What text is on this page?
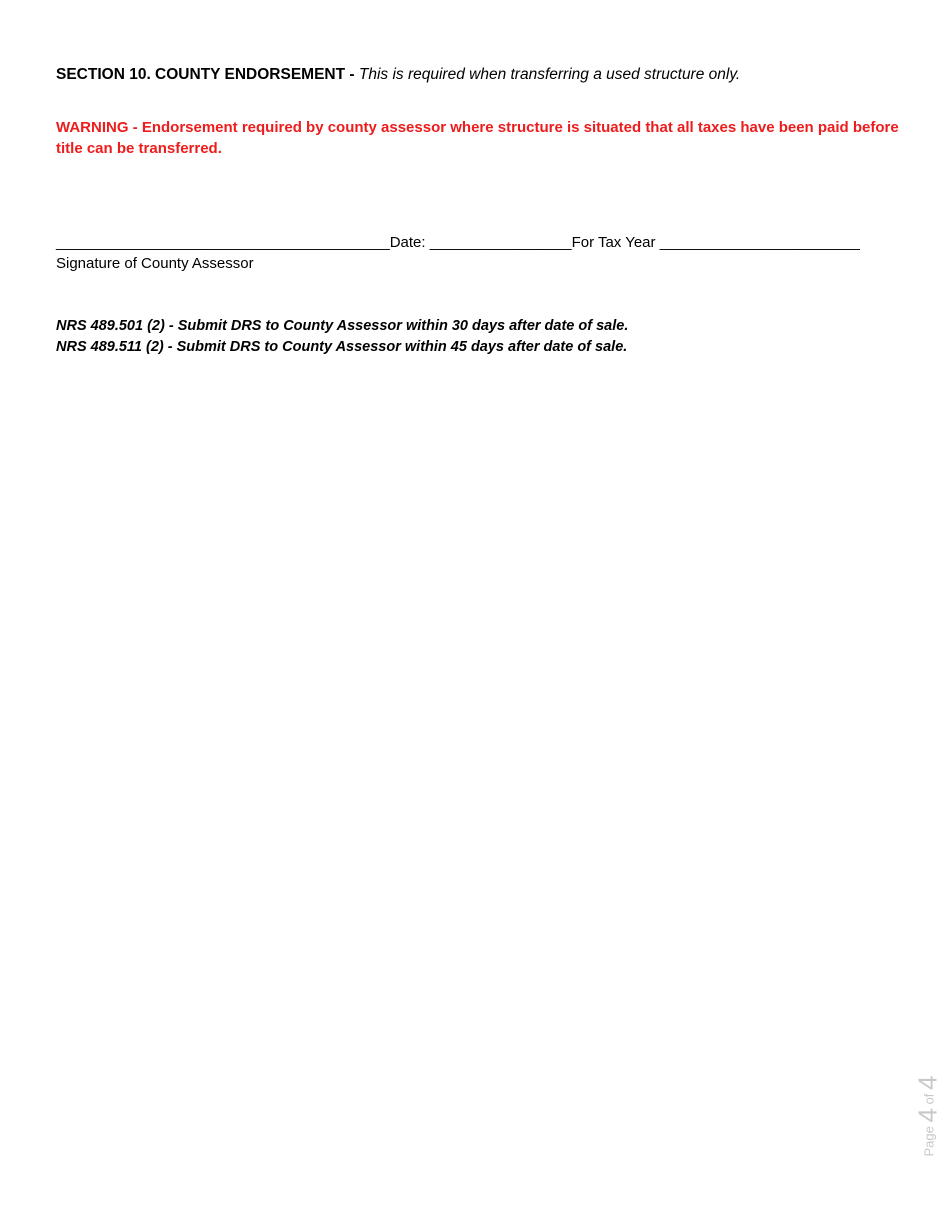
SECTION 10. COUNTY ENDORSEMENT - This is required when transferring a used structure only.
WARNING - Endorsement required by county assessor where structure is situated that all taxes have been paid before title can be transferred.
________________________________________Date: _________________For Tax Year ________________________
Signature of County Assessor
NRS 489.501 (2) - Submit DRS to County Assessor within 30 days after date of sale.
NRS 489.511 (2) - Submit DRS to County Assessor within 45 days after date of sale.
Page 4 of 4
